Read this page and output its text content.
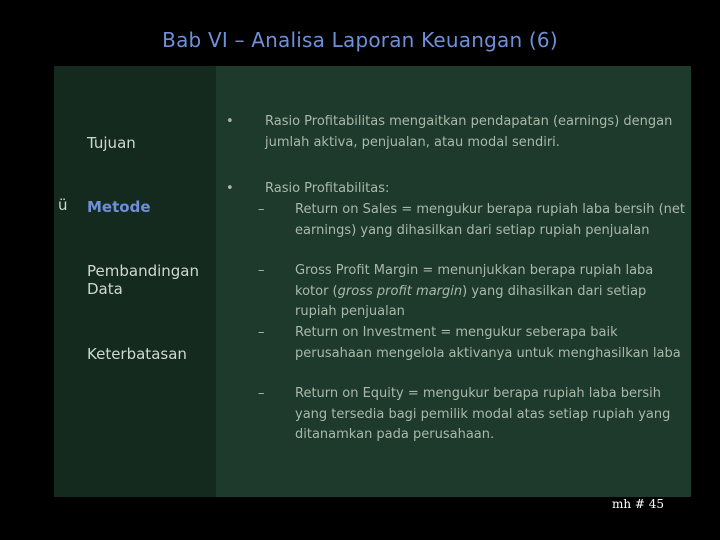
Bab VI – Analisa Laporan Keuangan (6)
Tujuan
ü Metode
Pembandingan Data
Keterbatasan
• Rasio Profitabilitas mengaitkan pendapatan (earnings) dengan jumlah aktiva, penjualan, atau modal sendiri.
• Rasio Profitabilitas:
– Return on Sales = mengukur berapa rupiah laba bersih (net earnings) yang dihasilkan dari setiap rupiah penjualan
– Gross Profit Margin = menunjukkan berapa rupiah laba kotor (gross profit margin) yang dihasilkan dari setiap rupiah penjualan
– Return on Investment = mengukur seberapa baik perusahaan mengelola aktivanya untuk menghasilkan laba
– Return on Equity = mengukur berapa rupiah laba bersih yang tersedia bagi pemilik modal atas setiap rupiah yang ditanamkan pada perusahaan.
mh # 45
